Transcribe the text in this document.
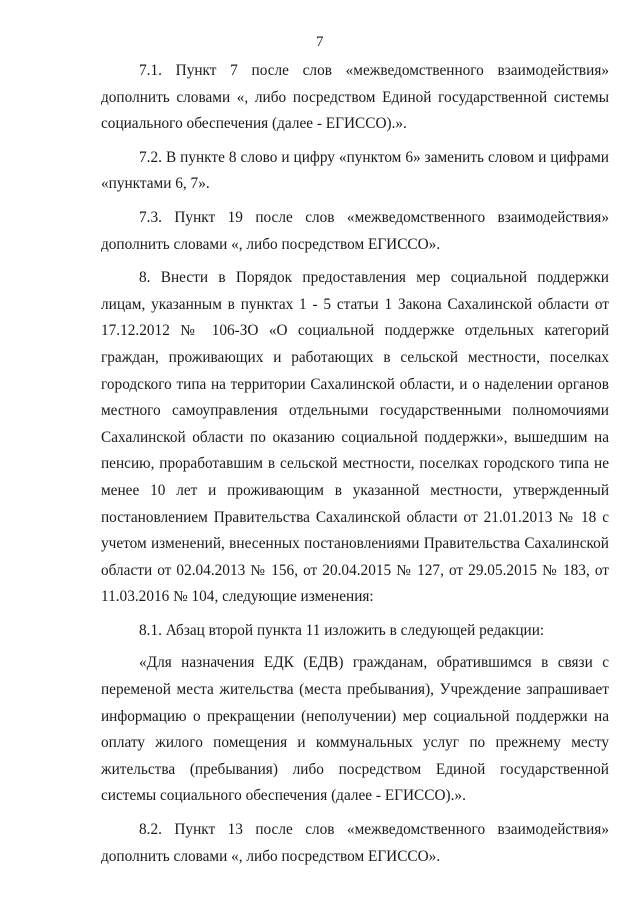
7

7.1. Пункт 7 после слов «межведомственного взаимодействия» дополнить словами «, либо посредством Единой государственной системы социального обеспечения (далее - ЕГИССО).».

7.2. В пункте 8 слово и цифру «пунктом 6» заменить словом и цифрами «пунктами 6, 7».

7.3. Пункт 19 после слов «межведомственного взаимодействия» дополнить словами «, либо посредством ЕГИССО».

8. Внести в Порядок предоставления мер социальной поддержки лицам, указанным в пунктах 1 - 5 статьи 1 Закона Сахалинской области от 17.12.2012 № 106-ЗО «О социальной поддержке отдельных категорий граждан, проживающих и работающих в сельской местности, поселках городского типа на территории Сахалинской области, и о наделении органов местного самоуправления отдельными государственными полномочиями Сахалинской области по оказанию социальной поддержки», вышедшим на пенсию, проработавшим в сельской местности, поселках городского типа не менее 10 лет и проживающим в указанной местности, утвержденный постановлением Правительства Сахалинской области от 21.01.2013 № 18 с учетом изменений, внесенных постановлениями Правительства Сахалинской области от 02.04.2013 № 156, от 20.04.2015 № 127, от 29.05.2015 № 183, от 11.03.2016 № 104, следующие изменения:

8.1. Абзац второй пункта 11 изложить в следующей редакции:

«Для назначения ЕДК (ЕДВ) гражданам, обратившимся в связи с переменой места жительства (места пребывания), Учреждение запрашивает информацию о прекращении (неполучении) мер социальной поддержки на оплату жилого помещения и коммунальных услуг по прежнему месту жительства (пребывания) либо посредством Единой государственной системы социального обеспечения (далее - ЕГИССО).».

8.2. Пункт 13 после слов «межведомственного взаимодействия» дополнить словами «, либо посредством ЕГИССО».
